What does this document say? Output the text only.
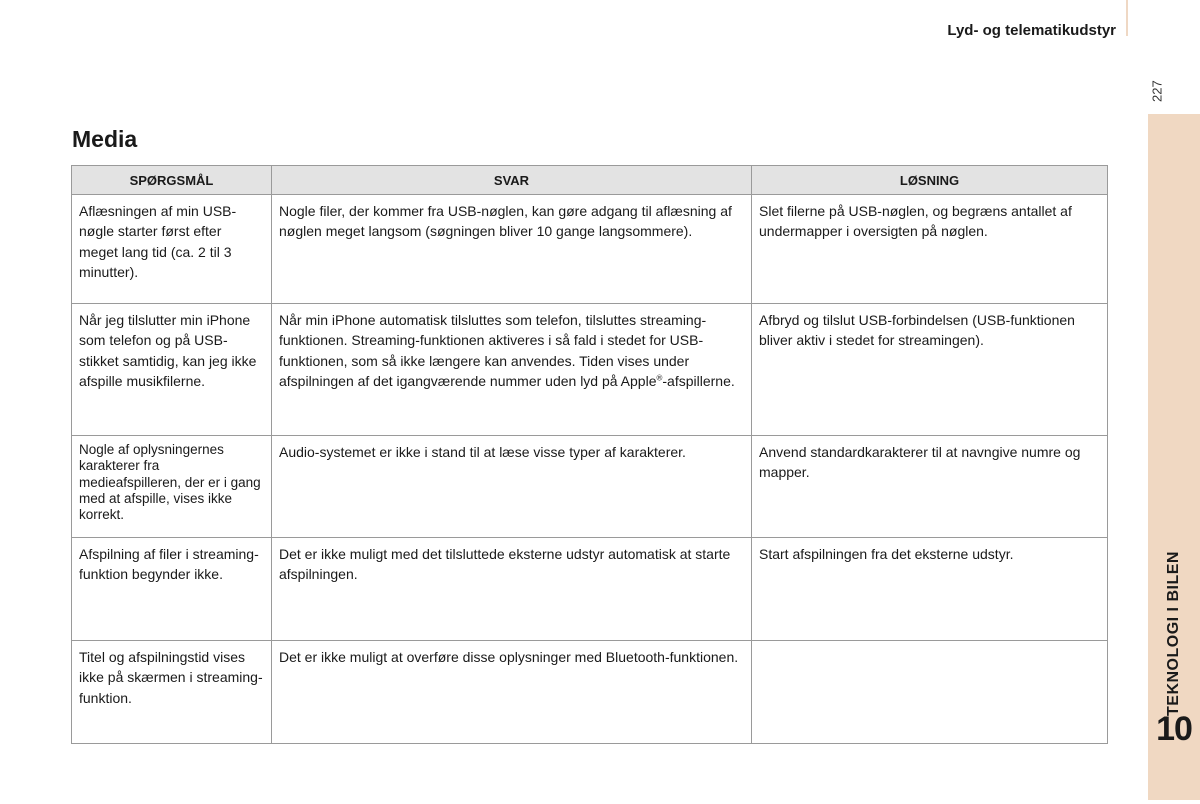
Lyd- og telematikudstyr
227
TEKNOLOGI I BILEN
10
Media
SPØRGSMÅL	SVAR	LØSNING
Aflæsningen af min USB-nøgle starter først efter meget lang tid (ca. 2 til 3 minutter).	Nogle filer, der kommer fra USB-nøglen, kan gøre adgang til aflæsning af nøglen meget langsom (søgningen bliver 10 gange langsommere).	Slet filerne på USB-nøglen, og begræns antallet af undermapper i oversigten på nøglen.
Når jeg tilslutter min iPhone som telefon og på USB-stikket samtidig, kan jeg ikke afspille musikfilerne.	Når min iPhone automatisk tilsluttes som telefon, tilsluttes streaming-funktionen. Streaming-funktionen aktiveres i så fald i stedet for USB-funktionen, som så ikke længere kan anvendes. Tiden vises under afspilningen af det igangværende nummer uden lyd på Apple®-afspillerne.	Afbryd og tilslut USB-forbindelsen (USB-funktionen bliver aktiv i stedet for streamingen).
Nogle af oplysningernes karakterer fra medieafspilleren, der er i gang med at afspille, vises ikke korrekt.	Audio-systemet er ikke i stand til at læse visse typer af karakterer.	Anvend standardkarakterer til at navngive numre og mapper.
Afspilning af filer i streaming-funktion begynder ikke.	Det er ikke muligt med det tilsluttede eksterne udstyr automatisk at starte afspilningen.	Start afspilningen fra det eksterne udstyr.
Titel og afspilningstid vises ikke på skærmen i streaming-funktion.	Det er ikke muligt at overføre disse oplysninger med Bluetooth-funktionen.	
